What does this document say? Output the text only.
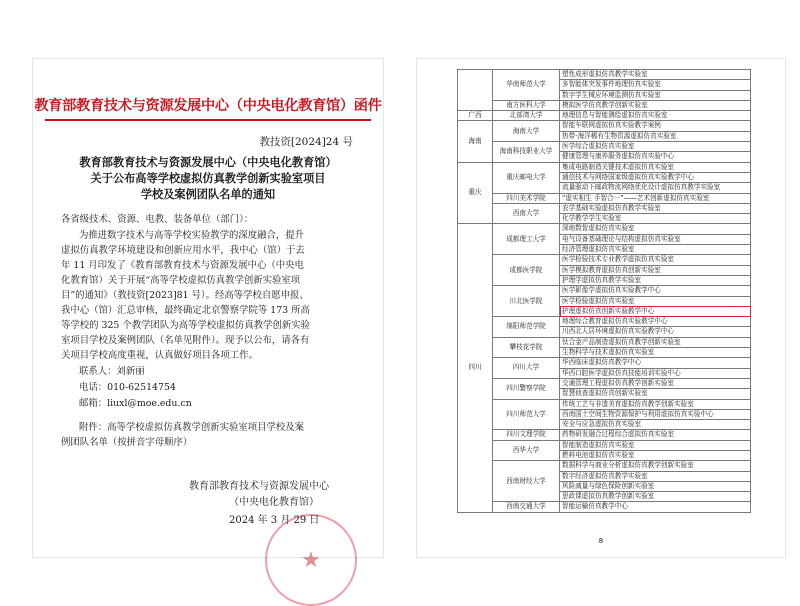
教育部教育技术与资源发展中心（中央电化教育馆）函件
教技资[2024]24 号
教育部教育技术与资源发展中心（中央电化教育馆）
关于公布高等学校虚拟仿真教学创新实验室项目
学校及案例团队名单的通知
各省级技术、资源、电教、装备单位（部门）：
为推进数字技术与高等学校实验教学的深度融合，提升
虚拟仿真教学环境建设和创新应用水平，我中心（馆）于去
年 11 月印发了《教育部教育技术与资源发展中心（中央电
化教育馆）关于开展“高等学校虚拟仿真教学创新实验室项
目”的通知》（教技资[2023]81 号）。经高等学校自愿申报、
我中心（馆）汇总审核，最终确定北京警察学院等 173 所高
等学校的 325 个教学团队为高等学校虚拟仿真教学创新实验
室项目学校及案例团队（名单见附件）。现予以公布，请各有
关项目学校高度重视，认真做好项目各项工作。
联系人：刘新丽
电话：010-62514754
邮箱：liuxl@moe.edu.cn
附件：高等学校虚拟仿真教学创新实验室项目学校及案
例团队名单（按拼音字母顺序）
★
教育部教育技术与资源发展中心
（中央电化教育馆）
2024 年 3 月 29 日
	华南师范大学	塑性成形虚拟仿真教学实验室
		多智能体突发事件地理仿真实验室
		数字学生械应环境监测仿真实验室
	南方医科大学	模拟医学仿真教学创新实验室
广西	北部湾大学	地理信息与智能测绘虚拟仿真实验室
海南	海南大学	智能车联网虚拟仿真实验教学案例
		热带-海洋稀有生物资源虚拟仿真实验室
	海南科技职业大学	医学综合虚拟仿真实验室
		健康管理与康养服务虚拟仿真实验中心
重庆	重庆邮电大学	集成电路制造关键技术虚拟仿真实验室
		通信技术与网络国家级虚拟仿真实验教学中心
		流量驱动下邮政物流网络优化设计虚拟仿真教学实验室
	四川美术学院	“虚实相生 手智合一”——艺术创新虚拟仿真实验室
	西南大学	农学基础实验虚拟仿真教学实验室
		化学教学学生实验室
四川	成都理工大学	深地数智虚拟仿真实验室
		电气设备基础理论与结构虚拟仿真实验室
		经济管理虚拟仿真实验室
	成都医学院	医学检验技术专业教学虚拟仿真实验室
		医学模拟教育虚拟仿真创新实验室
		护理学虚拟仿真教学实验室
	川北医学院	医学影像学虚拟仿真实验教学中心
		医学检验虚拟仿真实验室
		护理虚拟仿真创新实验教学中心
	绵阳师范学院	地理综合教育虚拟仿真实验教学中心
		川西北人居环境虚拟仿真实验教学中心
	攀枝花学院	钛合金产品制造虚拟仿真教学创新实验室
		生物科学与技术虚拟仿真实验室
	四川大学	华西临床虚拟仿真教学中心
		华西口腔医学虚拟仿真技能培训实验中心
	四川警察学院	交通管理工程虚拟仿真教学创新实验室
		智慧侦查虚拟仿真创新实验室
	四川师范大学	传统工艺与非遗美育虚拟仿真教学创新实验室
		西南国土空间生物资源保护与利用虚拟仿真实验中心
		安全与应急虚拟仿真实验室
	四川文理学院	药物研发融合过程综合虚拟仿真实验室
	西华大学	智能制造虚拟仿真实验室
		燃料电池虚拟仿真实验室
	西南财经大学	数据科学与商业分析虚拟仿真教学创新实验室
		数字经济虚拟仿真教学实验室
		风险减量与绿色保险创新实验室
		思政课虚拟仿真教学创新实验室
	西南交通大学	智能运输仿真教学中心
8
